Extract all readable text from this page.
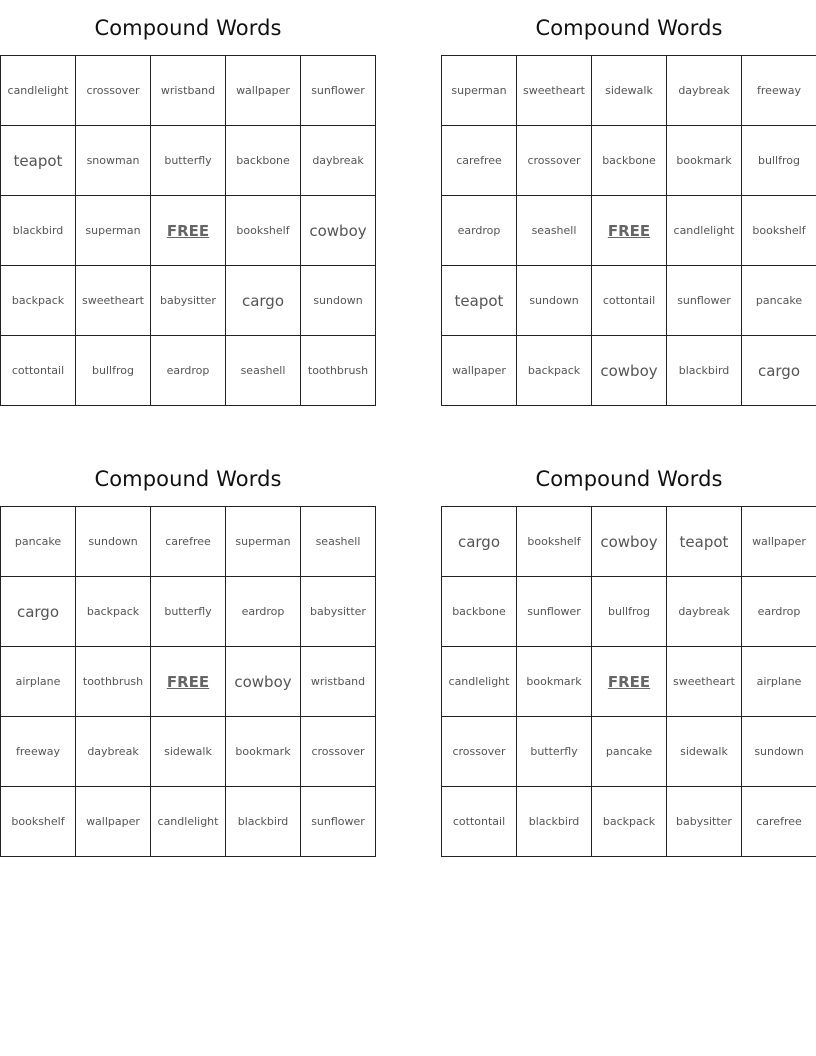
Compound Words
candlelight	crossover	wristband	wallpaper	sunflower
teapot	snowman	butterfly	backbone	daybreak
blackbird	superman	FREE	bookshelf	cowboy
backpack	sweetheart	babysitter	cargo	sundown
cottontail	bullfrog	eardrop	seashell	toothbrush
Compound Words
superman	sweetheart	sidewalk	daybreak	freeway
carefree	crossover	backbone	bookmark	bullfrog
eardrop	seashell	FREE	candlelight	bookshelf
teapot	sundown	cottontail	sunflower	pancake
wallpaper	backpack	cowboy	blackbird	cargo
Compound Words
pancake	sundown	carefree	superman	seashell
cargo	backpack	butterfly	eardrop	babysitter
airplane	toothbrush	FREE	cowboy	wristband
freeway	daybreak	sidewalk	bookmark	crossover
bookshelf	wallpaper	candlelight	blackbird	sunflower
Compound Words
cargo	bookshelf	cowboy	teapot	wallpaper
backbone	sunflower	bullfrog	daybreak	eardrop
candlelight	bookmark	FREE	sweetheart	airplane
crossover	butterfly	pancake	sidewalk	sundown
cottontail	blackbird	backpack	babysitter	carefree
